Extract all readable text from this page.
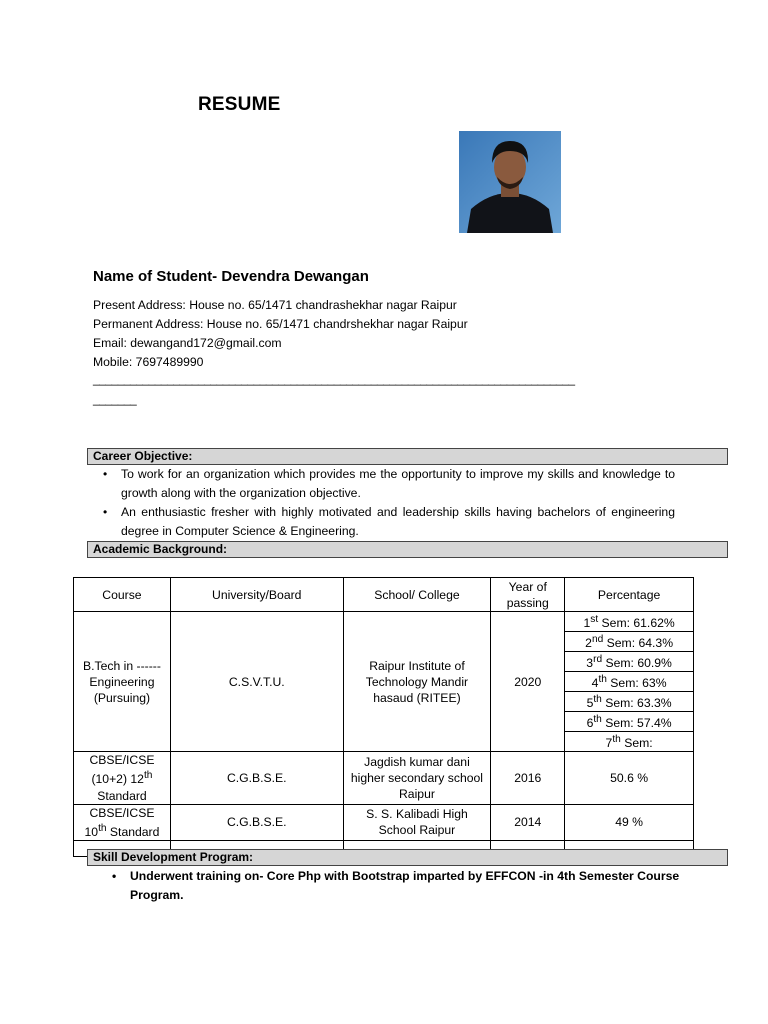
RESUME
Name of Student- Devendra Dewangan
Present Address: House no. 65/1471 chandrashekhar nagar Raipur
Permanent Address: House no. 65/1471 chandrshekhar nagar Raipur
Email: dewangand172@gmail.com
Mobile: 7697489990
______________________________________________________________________________
_______
Career Objective:
•	To work for an organization which provides me the opportunity to improve my skills and knowledge to growth along with the organization objective.
•	An enthusiastic fresher with highly motivated and leadership skills having bachelors of engineering degree in Computer Science & Engineering.
Academic Background:
Course	University/Board	School/ College	Year of passing	Percentage
B.Tech in ------ Engineering (Pursuing)	C.S.V.T.U.	Raipur Institute of Technology Mandir hasaud (RITEE)	2020	1st Sem: 61.62%
				2nd Sem: 64.3%
				3rd Sem: 60.9%
				4th Sem: 63%
				5th Sem: 63.3%
				6th Sem: 57.4%
				7th Sem:
CBSE/ICSE (10+2) 12th Standard	C.G.B.S.E.	Jagdish kumar dani higher secondary school Raipur	2016	50.6 %
CBSE/ICSE
10th Standard	C.G.B.S.E.	S. S. Kalibadi High School Raipur	2014	49 %

Skill Development Program:
•	Underwent training on- Core Php with Bootstrap imparted by EFFCON -in 4th Semester Course Program.
